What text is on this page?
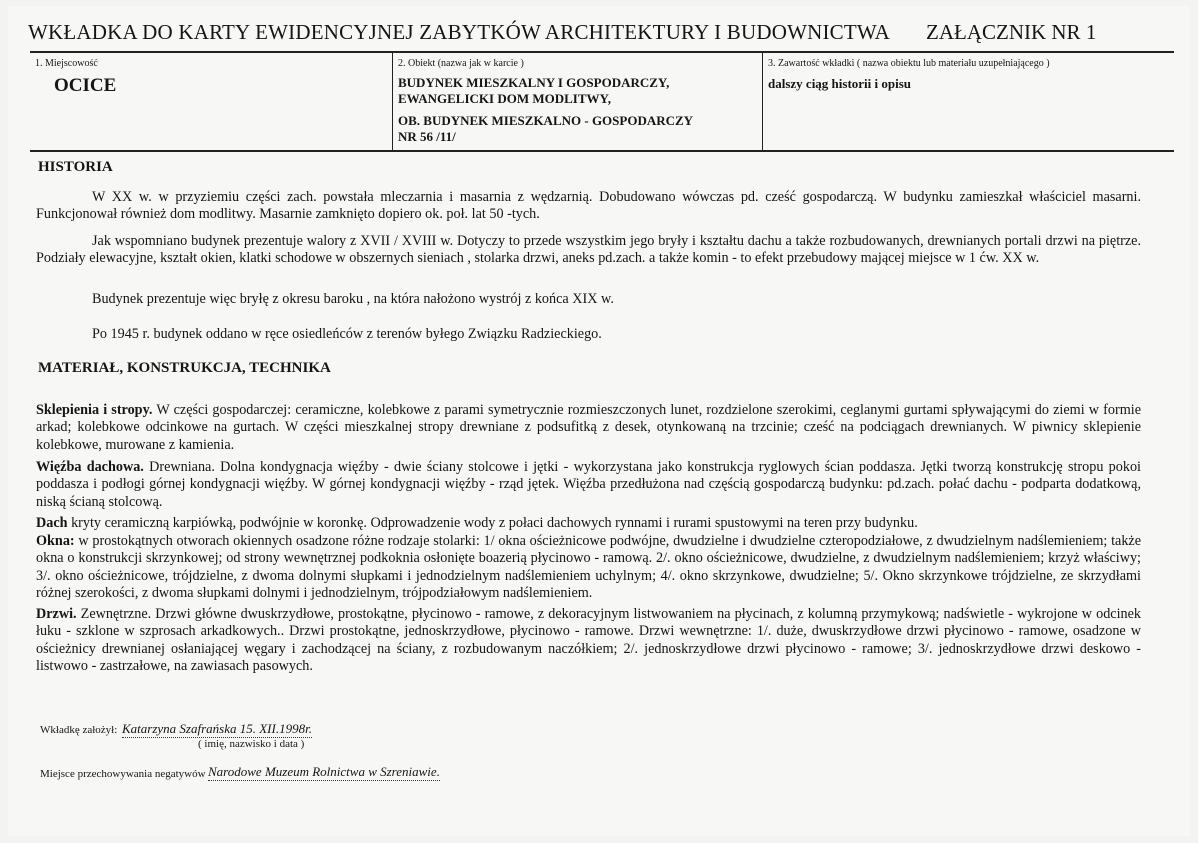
WKŁADKA DO KARTY EWIDENCYJNEJ ZABYTKÓW ARCHITEKTURY I BUDOWNICTWA ZAŁĄCZNIK NR 1
1. Miejscowość
OCICE
2. Obiekt (nazwa jak w karcie )
BUDYNEK MIESZKALNY I GOSPODARCZY,
EWANGELICKI DOM MODLITWY,
OB. BUDYNEK MIESZKALNO - GOSPODARCZY
NR 56 /11/
3. Zawartość wkładki ( nazwa obiektu lub materiału uzupełniającego )
dalszy ciąg historii i opisu
HISTORIA

W XX w. w przyziemiu części zach. powstała mleczarnia i masarnia z wędzarnią. Dobudowano wówczas pd. cześć gospodarczą. W budynku zamieszkał właściciel masarni. Funkcjonował również dom modlitwy. Masarnie zamknięto dopiero ok. poł. lat 50 -tych.

Jak wspomniano budynek prezentuje walory z XVII / XVIII w. Dotyczy to przede wszystkim jego bryły i kształtu dachu a także rozbudowanych, drewnianych portali drzwi na piętrze. Podziały elewacyjne, kształt okien, klatki schodowe w obszernych sieniach , stolarka drzwi, aneks pd.zach. a także komin - to efekt przebudowy mającej miejsce w 1 ćw. XX w.

Budynek prezentuje więc bryłę z okresu baroku , na która nałożono wystrój z końca XIX w.

Po 1945 r. budynek oddano w ręce osiedleńców z terenów byłego Związku Radzieckiego.

MATERIAŁ, KONSTRUKCJA, TECHNIKA

Sklepienia i stropy. W części gospodarczej: ceramiczne, kolebkowe z parami symetrycznie rozmieszczonych lunet, rozdzielone szerokimi, ceglanymi gurtami spływającymi do ziemi w formie arkad; kolebkowe odcinkowe na gurtach. W części mieszkalnej stropy drewniane z podsufitką z desek, otynkowaną na trzcinie; cześć na podciągach drewnianych. W piwnicy sklepienie kolebkowe, murowane z kamienia.

Więźba dachowa. Drewniana. Dolna kondygnacja więźby - dwie ściany stolcowe i jętki - wykorzystana jako konstrukcja ryglowych ścian poddasza. Jętki tworzą konstrukcję stropu pokoi poddasza i podłogi górnej kondygnacji więźby. W górnej kondygnacji więźby - rząd jętek. Więźba przedłużona nad częścią gospodarczą budynku: pd.zach. połać dachu - podparta dodatkową, niską ścianą stolcową.

Dach kryty ceramiczną karpiówką, podwójnie w koronkę. Odprowadzenie wody z połaci dachowych rynnami i rurami spustowymi na teren przy budynku.

Okna: w prostokątnych otworach okiennych osadzone różne rodzaje stolarki: 1/ okna ościeżnicowe podwójne, dwudzielne i dwudzielne czteropodziałowe, z dwudzielnym nadślemieniem; także okna o konstrukcji skrzynkowej; od strony wewnętrznej podkoknia osłonięte boazerią płycinowo - ramową. 2/. okno ościeżnicowe, dwudzielne, z dwudzielnym nadślemieniem; krzyż właściwy; 3/. okno ościeżnicowe, trójdzielne, z dwoma dolnymi słupkami i jednodzielnym nadślemieniem uchylnym; 4/. okno skrzynkowe, dwudzielne; 5/. Okno skrzynkowe trójdzielne, ze skrzydłami różnej szerokości, z dwoma słupkami dolnymi i jednodzielnym, trójpodziałowym nadślemieniem.

Drzwi. Zewnętrzne. Drzwi główne dwuskrzydłowe, prostokątne, płycinowo - ramowe, z dekoracyjnym listwowaniem na płycinach, z kolumną przymykową; nadświetle - wykrojone w odcinek łuku - szklone w szprosach arkadkowych.. Drzwi prostokątne, jednoskrzydłowe, płycinowo - ramowe. Drzwi wewnętrzne: 1/. duże, dwuskrzydłowe drzwi płycinowo - ramowe, osadzone w ościeżnicy drewnianej osłaniającej węgary i zachodzącej na ściany, z rozbudowanym naczółkiem; 2/. jednoskrzydłowe drzwi płycinowo - ramowe; 3/. jednoskrzydłowe drzwi deskowo - listwowo - zastrzałowe, na zawiasach pasowych.

Wkładkę założył: Katarzyna Szafrańska 15. XII.1998r.
( imię, nazwisko i data )
Miejsce przechowywania negatywów Narodowe Muzeum Rolnictwa w Szreniawie.
